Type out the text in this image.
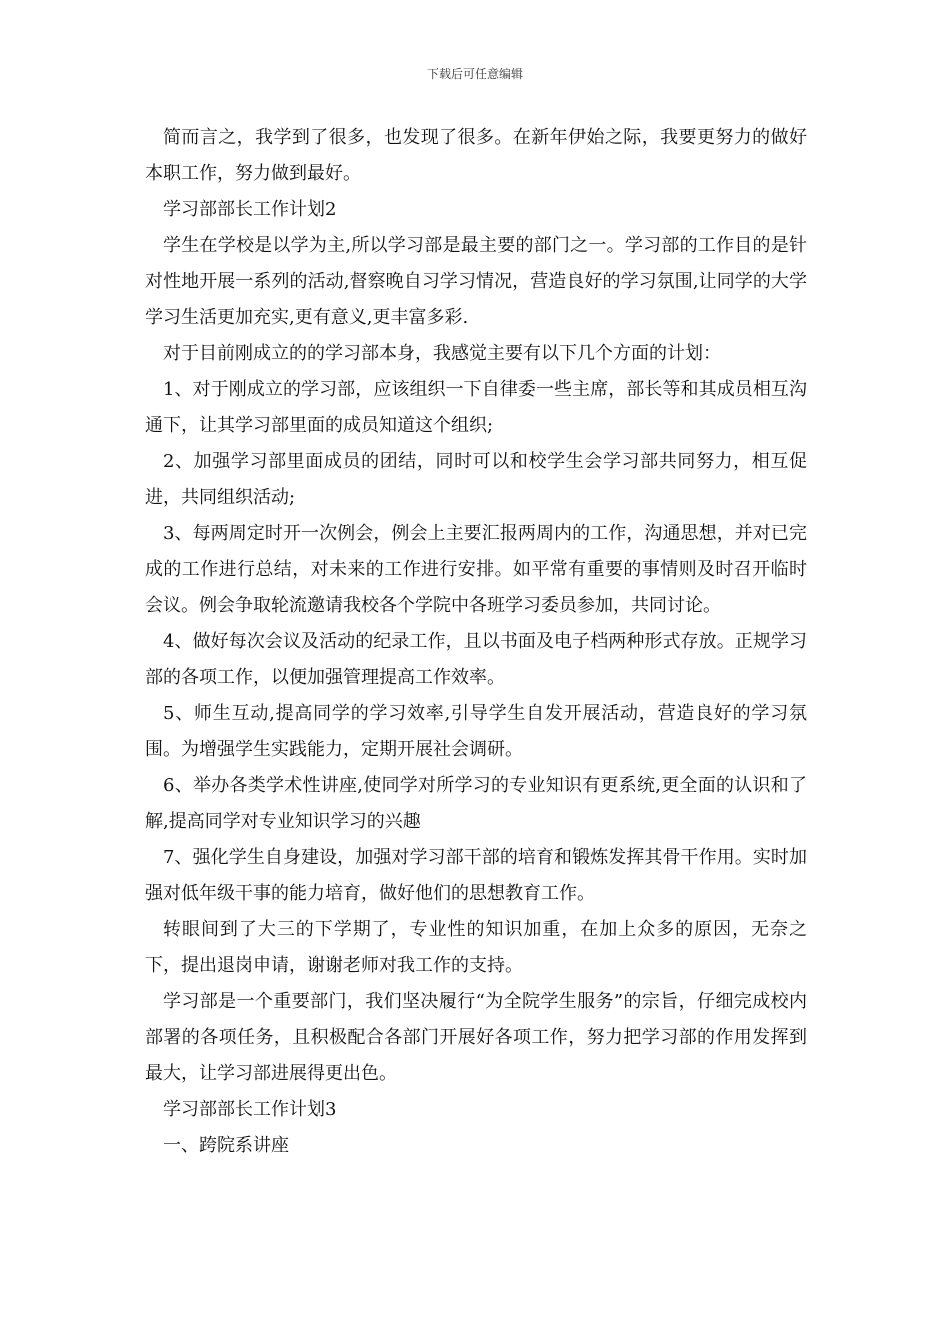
下载后可任意编辑

简而言之，我学到了很多，也发现了很多。在新年伊始之际，我要更努力的做好本职工作，努力做到最好。

学习部部长工作计划2

学生在学校是以学为主,所以学习部是最主要的部门之一。学习部的工作目的是针对性地开展一系列的活动,督察晚自习学习情况，营造良好的学习氛围,让同学的大学学习生活更加充实,更有意义,更丰富多彩.

对于目前刚成立的的学习部本身，我感觉主要有以下几个方面的计划：

1、对于刚成立的学习部，应该组织一下自律委一些主席，部长等和其成员相互沟通下，让其学习部里面的成员知道这个组织;

2、加强学习部里面成员的团结，同时可以和校学生会学习部共同努力，相互促进，共同组织活动;

3、每两周定时开一次例会，例会上主要汇报两周内的工作，沟通思想，并对已完成的工作进行总结，对未来的工作进行安排。如平常有重要的事情则及时召开临时会议。例会争取轮流邀请我校各个学院中各班学习委员参加，共同讨论。

4、做好每次会议及活动的纪录工作，且以书面及电子档两种形式存放。正规学习部的各项工作，以便加强管理提高工作效率。

5、师生互动,提高同学的学习效率,引导学生自发开展活动，营造良好的学习氛围。为增强学生实践能力，定期开展社会调研。

6、举办各类学术性讲座,使同学对所学习的专业知识有更系统,更全面的认识和了解,提高同学对专业知识学习的兴趣

7、强化学生自身建设，加强对学习部干部的培育和锻炼发挥其骨干作用。实时加强对低年级干事的能力培育，做好他们的思想教育工作。

转眼间到了大三的下学期了，专业性的知识加重，在加上众多的原因，无奈之下，提出退岗申请，谢谢老师对我工作的支持。

学习部是一个重要部门，我们坚决履行“为全院学生服务”的宗旨，仔细完成校内部署的各项任务，且积极配合各部门开展好各项工作，努力把学习部的作用发挥到最大，让学习部进展得更出色。

学习部部长工作计划3

一、跨院系讲座
